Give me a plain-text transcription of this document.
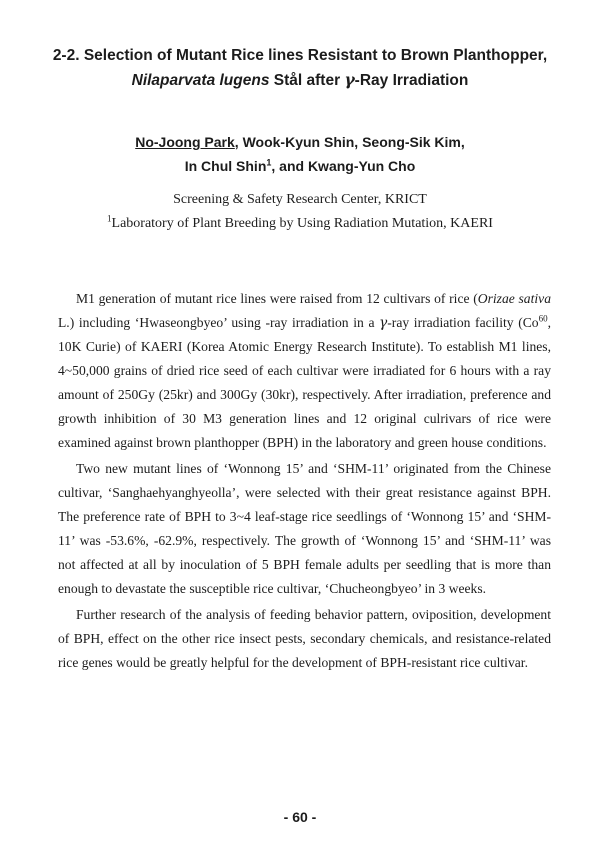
2-2. Selection of Mutant Rice lines Resistant to Brown Planthopper,
Nilaparvata lugens Stål after γ-Ray Irradiation
No-Joong Park, Wook-Kyun Shin, Seong-Sik Kim,
In Chul Shin$^1$, and Kwang-Yun Cho
Screening & Safety Research Center, KRICT
$^1$Laboratory of Plant Breeding by Using Radiation Mutation, KAERI

M1 generation of mutant rice lines were raised from 12 cultivars of rice (Orizae sativa L.) including ‘Hwaseongbyeo’ using -ray irradiation in a γ-ray irradiation facility (Co$^{60}$, 10K Curie) of KAERI (Korea Atomic Energy Research Institute). To establish M1 lines, 4~50,000 grains of dried rice seed of each cultivar were irradiated for 6 hours with a ray amount of 250Gy (25kr) and 300Gy (30kr), respectively. After irradiation, preference and growth inhibition of 30 M3 generation lines and 12 original culrivars of rice were examined against brown planthopper (BPH) in the laboratory and green house conditions.

Two new mutant lines of ‘Wonnong 15’ and ‘SHM-11’ originated from the Chinese cultivar, ‘Sanghaehyanghyeolla’, were selected with their great resistance against BPH. The preference rate of BPH to 3~4 leaf-stage rice seedlings of ‘Wonnong 15’ and ‘SHM-11’ was -53.6%, -62.9%, respectively. The growth of ‘Wonnong 15’ and ‘SHM-11’ was not affected at all by inoculation of 5 BPH female adults per seedling that is more than enough to devastate the susceptible rice cultivar, ‘Chucheongbyeo’ in 3 weeks.

Further research of the analysis of feeding behavior pattern, oviposition, development of BPH, effect on the other rice insect pests, secondary chemicals, and resistance-related rice genes would be greatly helpful for the development of BPH-resistant rice cultivar.

- 60 -
